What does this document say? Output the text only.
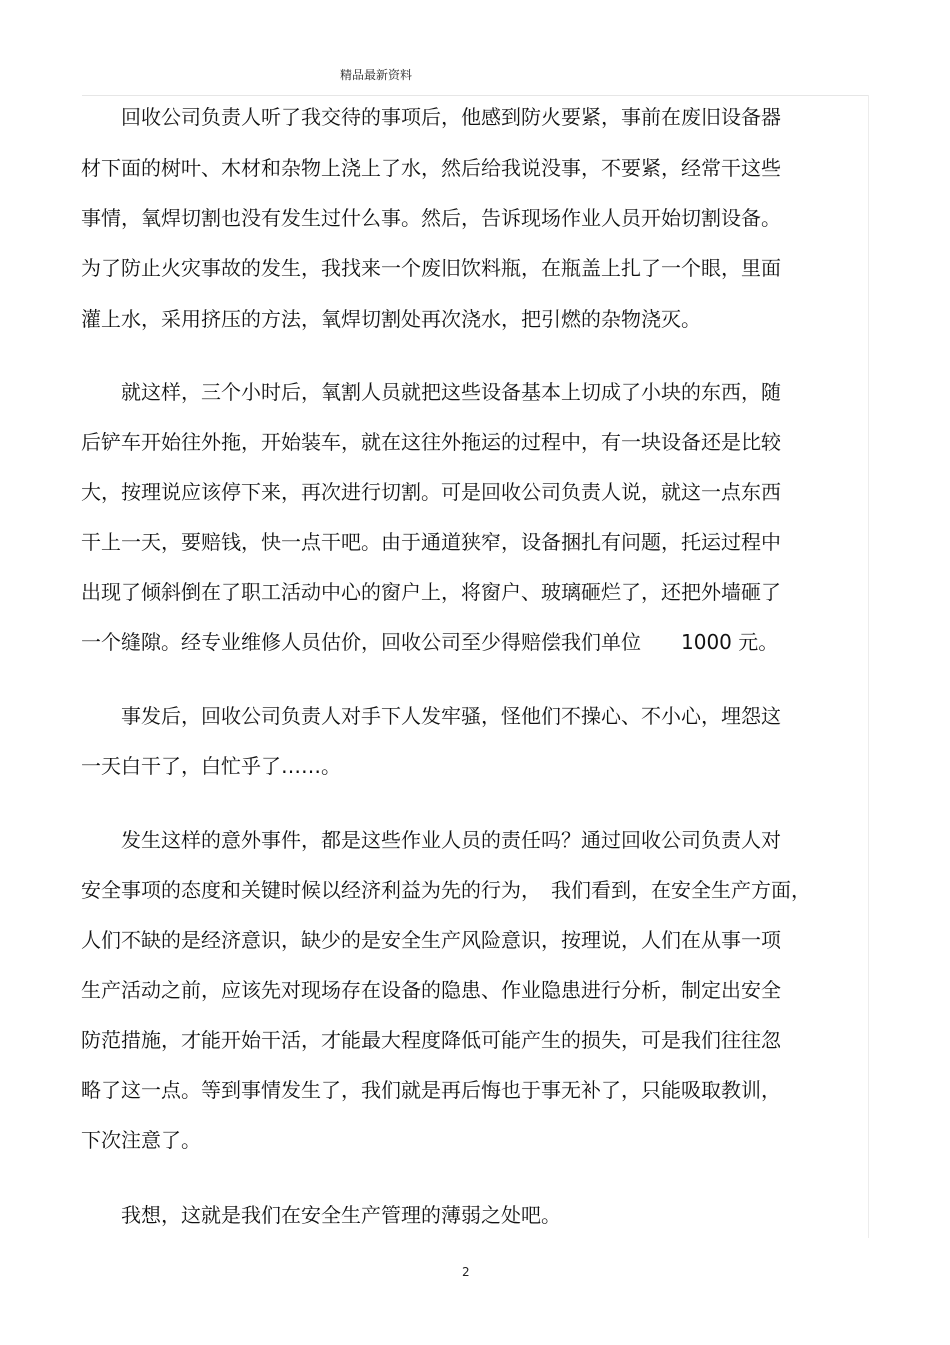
精品最新资料
回收公司负责人听了我交待的事项后，他感到防火要紧，事前在废旧设备器
材下面的树叶、木材和杂物上浇上了水，然后给我说没事，不要紧，经常干这些
事情，氧焊切割也没有发生过什么事。然后，告诉现场作业人员开始切割设备。
为了防止火灾事故的发生，我找来一个废旧饮料瓶，在瓶盖上扎了一个眼，里面
灌上水，采用挤压的方法，氧焊切割处再次浇水，把引燃的杂物浇灭。
就这样，三个小时后，氧割人员就把这些设备基本上切成了小块的东西，随
后铲车开始往外拖，开始装车，就在这往外拖运的过程中，有一块设备还是比较
大，按理说应该停下来，再次进行切割。可是回收公司负责人说，就这一点东西
干上一天，要赔钱，快一点干吧。由于通道狭窄，设备捆扎有问题，托运过程中
出现了倾斜倒在了职工活动中心的窗户上，将窗户、玻璃砸烂了，还把外墙砸了
一个缝隙。经专业维修人员估价，回收公司至少得赔偿我们单位　　1000 元。
事发后，回收公司负责人对手下人发牢骚，怪他们不操心、不小心，埋怨这
一天白干了，白忙乎了……。
发生这样的意外事件，都是这些作业人员的责任吗？通过回收公司负责人对
安全事项的态度和关键时候以经济利益为先的行为，　我们看到，在安全生产方面，
人们不缺的是经济意识，缺少的是安全生产风险意识，按理说，人们在从事一项
生产活动之前，应该先对现场存在设备的隐患、作业隐患进行分析，制定出安全
防范措施，才能开始干活，才能最大程度降低可能产生的损失，可是我们往往忽
略了这一点。等到事情发生了，我们就是再后悔也于事无补了，只能吸取教训，
下次注意了。
我想，这就是我们在安全生产管理的薄弱之处吧。
2
